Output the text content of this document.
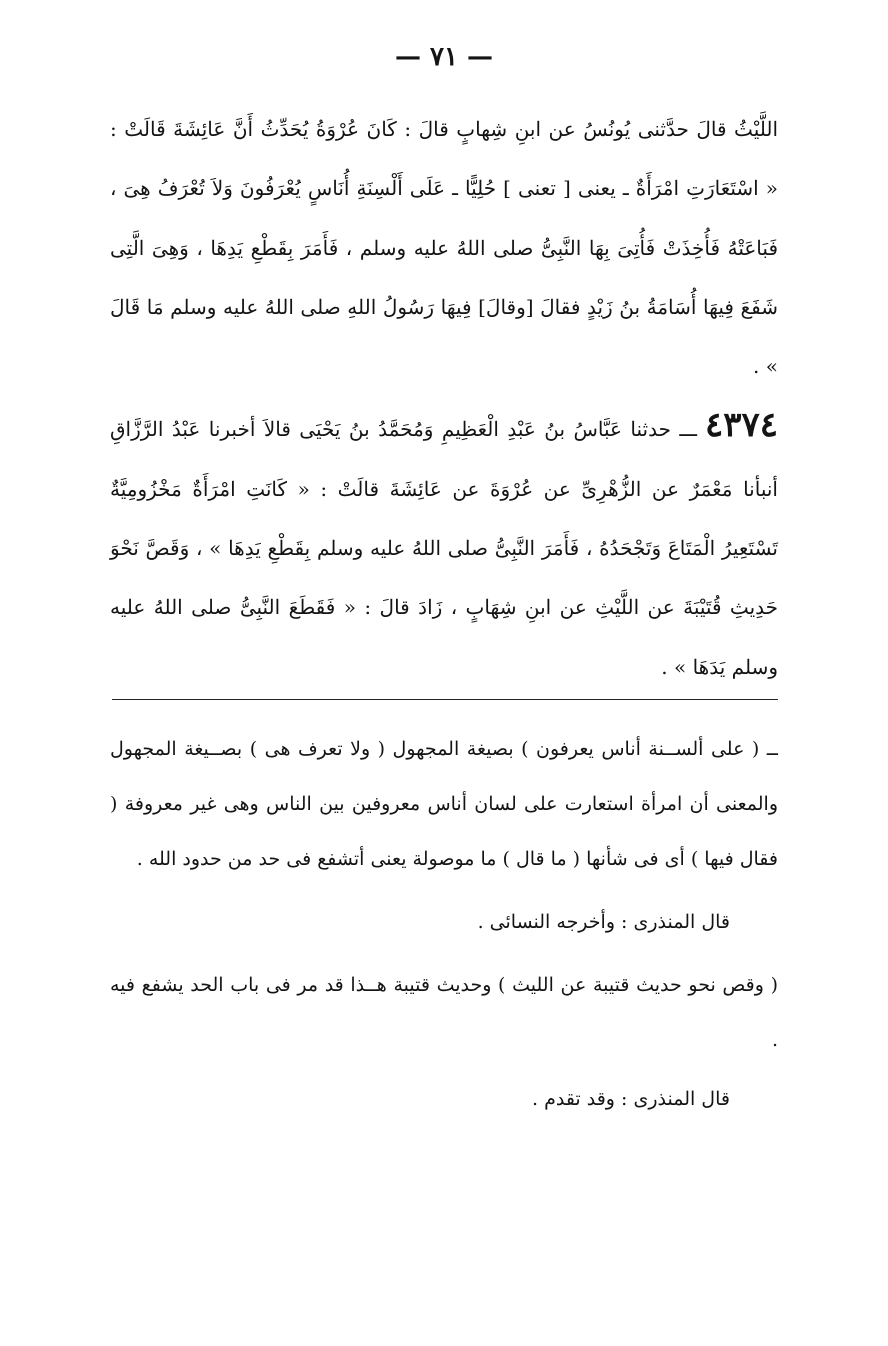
— ٧١ —

اللَّيْثُ قالَ حدَّثنى يُونُسُ عن ابنِ شِهابٍ قالَ : كَانَ عُرْوَةُ يُحَدِّثُ أَنَّ عَائِشَةَ قَالَتْ : « اسْتَعَارَتِ امْرَأَةٌ ـ يعنى [ تعنى ] حُلِيًّا ـ عَلَى أَلْسِنَةِ أُنَاسٍ يُعْرَفُونَ وَلاَ تُعْرَفُ هِىَ ، فَبَاعَتْهُ فَأُخِذَتْ فَأُتِىَ بِهَا النَّبِىُّ صلى اللهُ عليه وسلم ، فَأَمَرَ بِقَطْعِ يَدِهَا ، وَهِىَ الَّتِى شَفَعَ فِيهَا أُسَامَةُ بنُ زَيْدٍ فقالَ [وقالَ] فِيهَا رَسُولُ اللهِ صلى اللهُ عليه وسلم مَا قَالَ » .

٤٣٧٤ـــ حدثنا عَبَّاسُ بنُ عَبْدِ الْعَظِيمِ وَمُحَمَّدُ بنُ يَحْيَى قالاَ أخبرنا عَبْدُ الرَّزَّاقِ أنبأنا مَعْمَرٌ عن الزُّهْرِىِّ عن عُرْوَةَ عن عَائِشَةَ قالَتْ : « كَانَتِ امْرَأَةٌ مَخْزُومِيَّةٌ تَسْتَعِيرُ الْمَتَاعَ وَتَجْحَدُهُ ، فَأَمَرَ النَّبِىُّ صلى اللهُ عليه وسلم بِقَطْعِ يَدِهَا » ، وَقَصَّ نَحْوَ حَدِيثِ قُتَيْبَةَ عن اللَّيْثِ عن ابنِ شِهَابٍ ، زَادَ قالَ : « فَقَطَعَ النَّبِىُّ صلى اللهُ عليه وسلم يَدَهَا » .

ــ ( على ألســنة أناس يعرفون ) بصيغة المجهول ( ولا تعرف هى ) بصــيغة المجهول والمعنى أن امرأة استعارت على لسان أناس معروفين بين الناس وهى غير معروفة ( فقال فيها ) أى فى شأنها ( ما قال ) ما موصولة يعنى أتشفع فى حد من حدود الله .

قال المنذرى : وأخرجه النسائى .

( وقص نحو حديث قتيبة عن الليث ) وحديث قتيبة هــذا قد مر فى باب الحد يشفع فيه .

قال المنذرى : وقد تقدم .
